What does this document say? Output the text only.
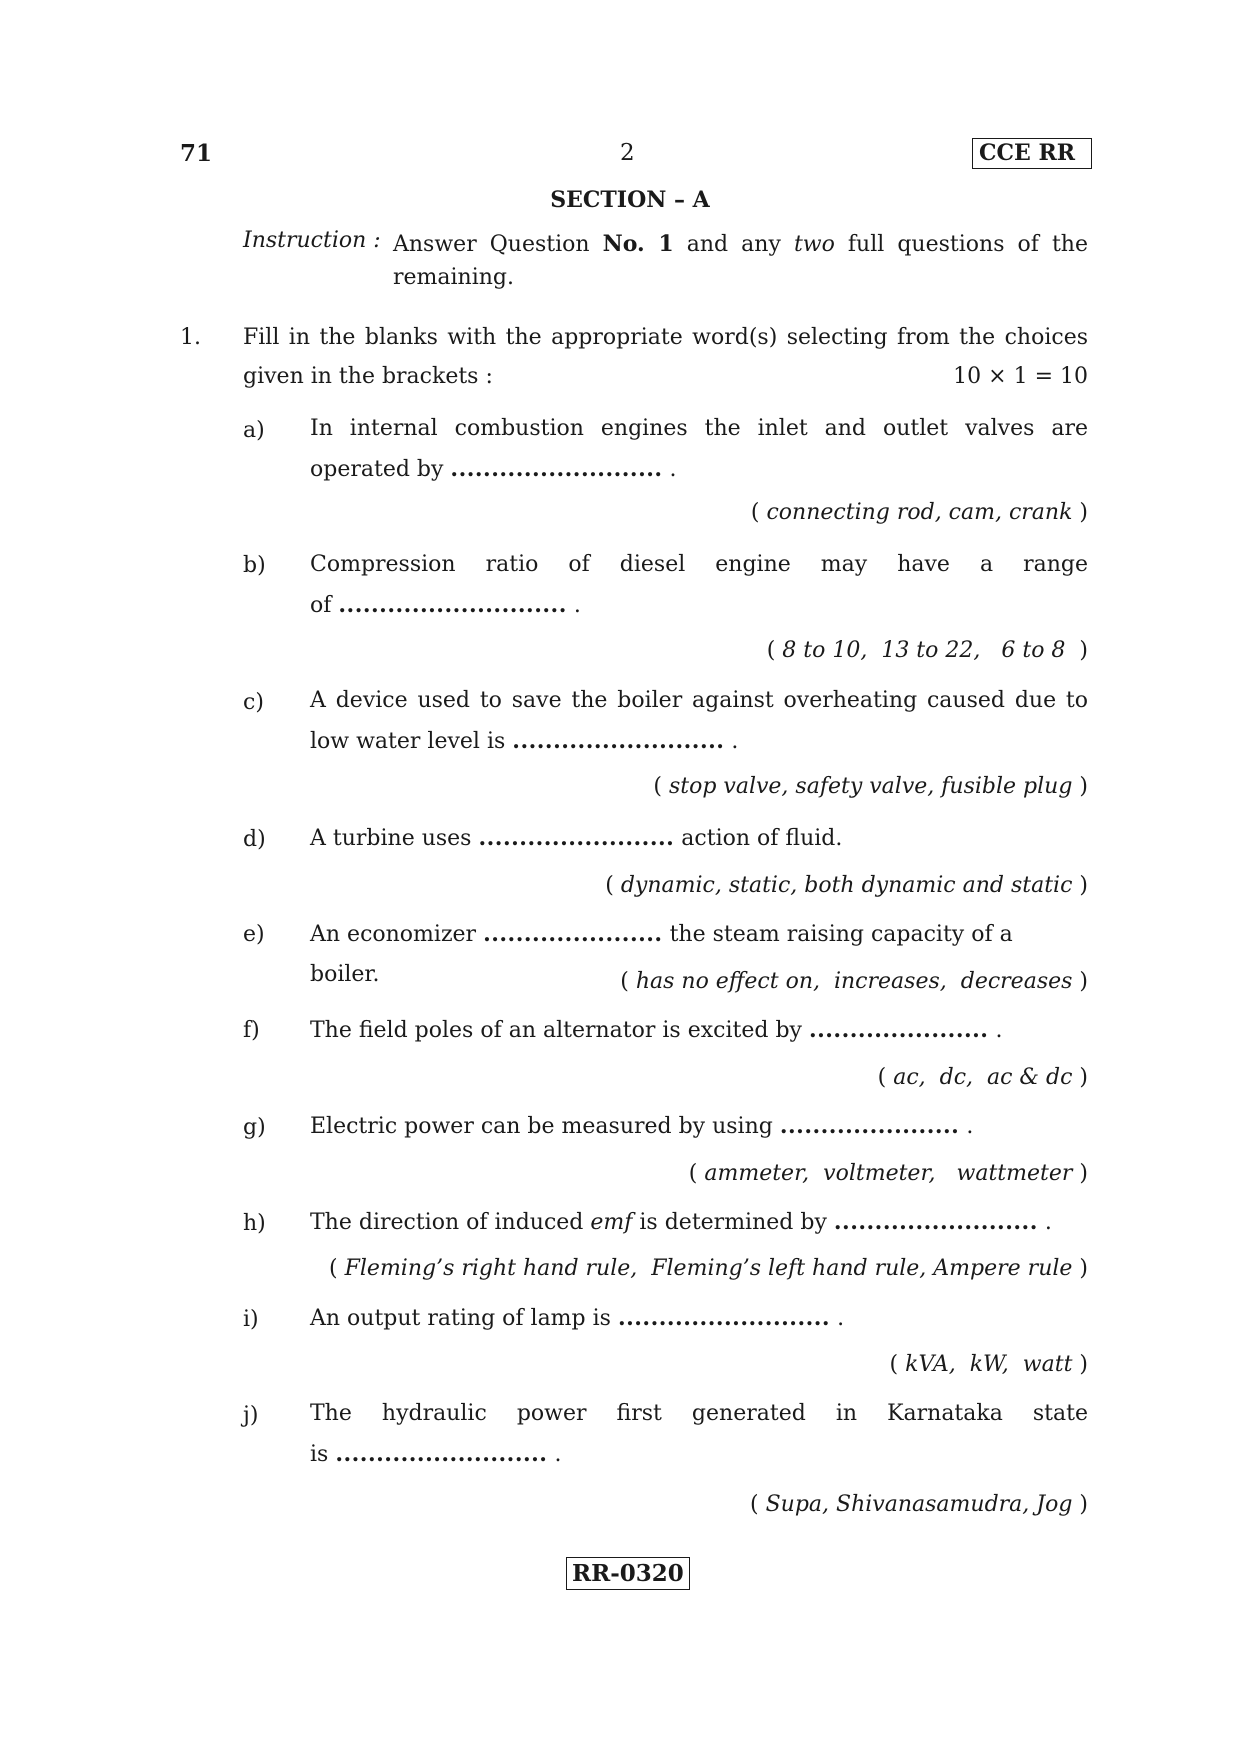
71	2	CCE RR
SECTION – A
Instruction : Answer Question No. 1 and any two full questions of the
remaining.
1. Fill in the blanks with the appropriate word(s) selecting from the choices
given in the brackets :	10 × 1 = 10
a)	In internal combustion engines the inlet and outlet valves are
operated by .......................... .
( connecting rod, cam, crank )
b)	Compression ratio of diesel engine may have a range
of ............................ .
( 8 to 10,  13 to 22,   6 to 8  )
c)	A device used to save the boiler against overheating caused due to
low water level is .......................... .
( stop valve, safety valve, fusible plug )
d)	A turbine uses ........................ action of fluid.
( dynamic, static, both dynamic and static )
e)	An economizer ...................... the steam raising capacity of a boiler.	( has no effect on,  increases,  decreases )
f)	The field poles of an alternator is excited by ...................... .
( ac,  dc,  ac & dc )
g)	Electric power can be measured by using ...................... .
( ammeter,  voltmeter,   wattmeter )
h)	The direction of induced emf is determined by ......................... .
( Fleming’s right hand rule,  Fleming’s left hand rule, Ampere rule )
i)	An output rating of lamp is .......................... .
( kVA,  kW,  watt )
j)	The hydraulic power first generated in Karnataka state
is .......................... .
( Supa, Shivanasamudra, Jog )
RR-0320
